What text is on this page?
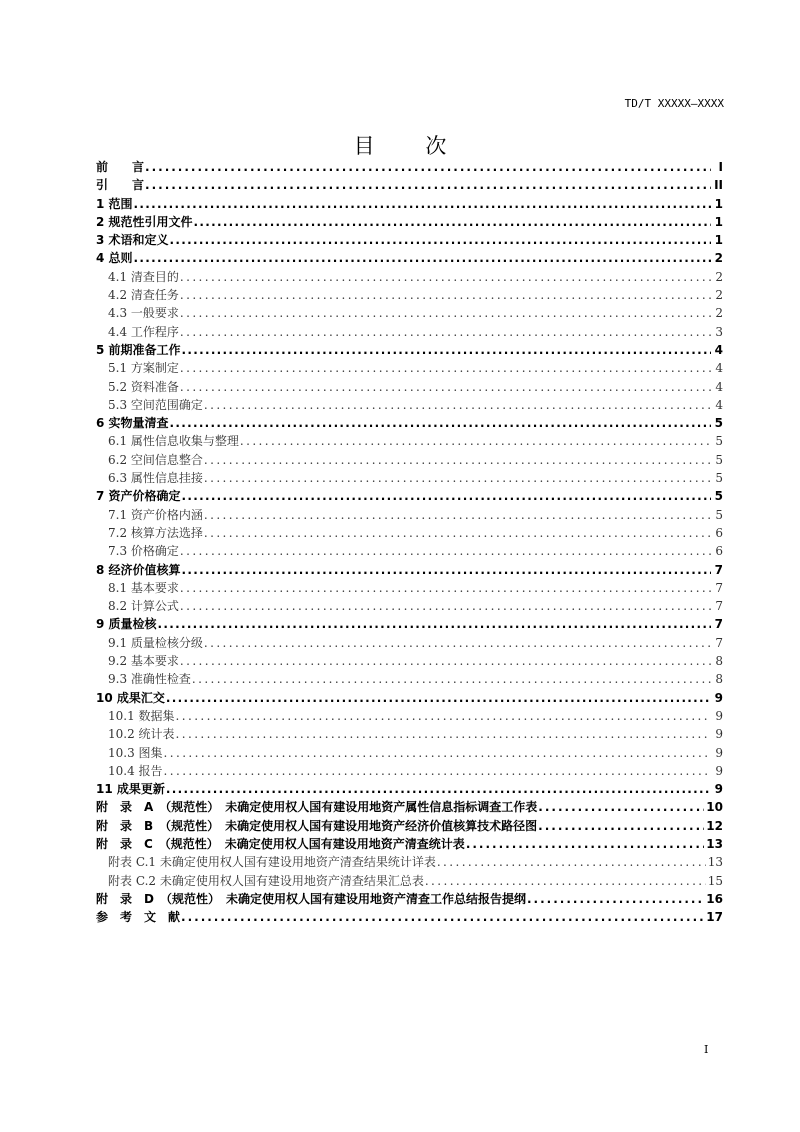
TD/T XXXXX—XXXX
目 次
前　　言 .....	I
引　　言 .....	II
1 范围 .....	1
2 规范性引用文件 .....	1
3 术语和定义 .....	1
4 总则 .....	2
4.1 清查目的 .....	2
4.2 清查任务 .....	2
4.3 一般要求 .....	2
4.4 工作程序 .....	3
5 前期准备工作 .....	4
5.1 方案制定 .....	4
5.2 资料准备 .....	4
5.3 空间范围确定 .....	4
6 实物量清查 .....	5
6.1 属性信息收集与整理 .....	5
6.2 空间信息整合 .....	5
6.3 属性信息挂接 .....	5
7 资产价格确定 .....	5
7.1 资产价格内涵 .....	5
7.2 核算方法选择 .....	6
7.3 价格确定 .....	6
8 经济价值核算 .....	7
8.1 基本要求 .....	7
8.2 计算公式 .....	7
9 质量检核 .....	7
9.1 质量检核分级 .....	7
9.2 基本要求 .....	8
9.3 准确性检查 .....	8
10 成果汇交 .....	9
10.1 数据集 .....	9
10.2 统计表 .....	9
10.3 图集 .....	9
10.4 报告 .....	9
11 成果更新 .....	9
附　录　A　（规范性）　未确定使用权人国有建设用地资产属性信息指标调查工作表 .....	10
附　录　B　（规范性）　未确定使用权人国有建设用地资产经济价值核算技术路径图 .....	12
附　录　C　（规范性）　未确定使用权人国有建设用地资产清查统计表 .....	13
附表 C.1 未确定使用权人国有建设用地资产清查结果统计详表 .....	13
附表 C.2 未确定使用权人国有建设用地资产清查结果汇总表 .....	15
附　录　D　（规范性）　未确定使用权人国有建设用地资产清查工作总结报告提纲 .....	16
参　考　文　献 .....	17
I
